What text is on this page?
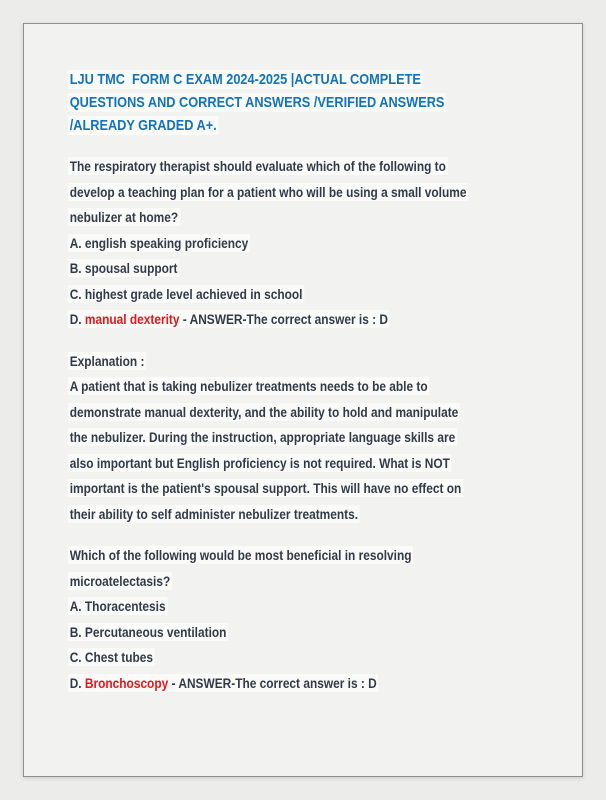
LJU TMC  FORM C EXAM 2024-2025 |ACTUAL COMPLETE

QUESTIONS AND CORRECT ANSWERS /VERIFIED ANSWERS

/ALREADY GRADED A+.

The respiratory therapist should evaluate which of the following to

develop a teaching plan for a patient who will be using a small volume

nebulizer at home?

A. english speaking proficiency

B. spousal support

C. highest grade level achieved in school

D. manual dexterity - ANSWER-The correct answer is : D

Explanation :

A patient that is taking nebulizer treatments needs to be able to

demonstrate manual dexterity, and the ability to hold and manipulate

the nebulizer. During the instruction, appropriate language skills are

also important but English proficiency is not required. What is NOT

important is the patient's spousal support. This will have no effect on

their ability to self administer nebulizer treatments.

Which of the following would be most beneficial in resolving

microatelectasis?

A. Thoracentesis

B. Percutaneous ventilation

C. Chest tubes

D. Bronchoscopy - ANSWER-The correct answer is : D
